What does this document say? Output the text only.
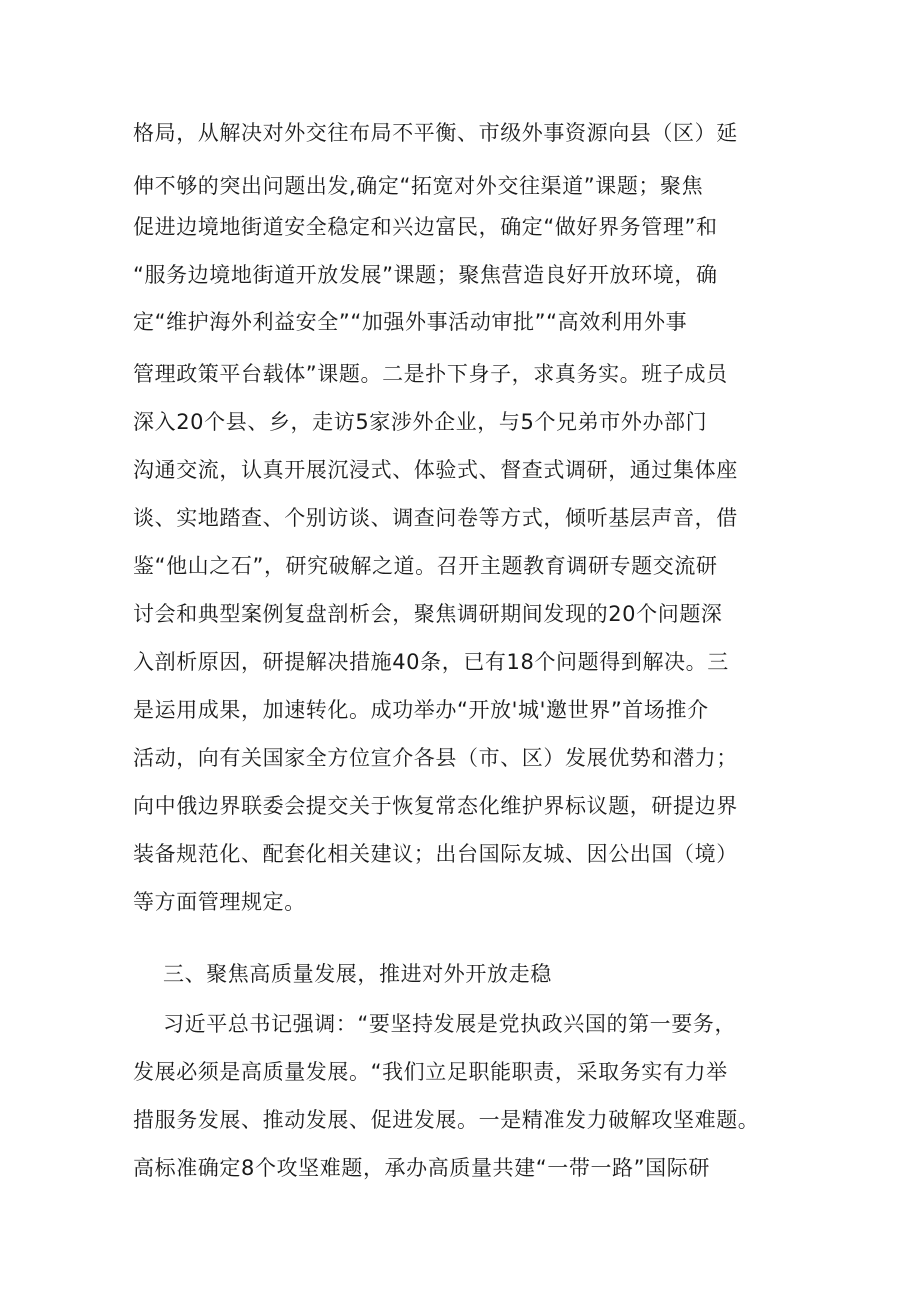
格局，从解决对外交往布局不平衡、市级外事资源向县（区）延
伸不够的突出问题出发,确定“拓宽对外交往渠道”课题；聚焦
促进边境地街道安全稳定和兴边富民，确定“做好界务管理”和
“服务边境地街道开放发展”课题；聚焦营造良好开放环境，确
定“维护海外利益安全”“加强外事活动审批”“高效利用外事
管理政策平台载体”课题。二是扑下身子，求真务实。班子成员
深入20个县、乡，走访5家涉外企业，与5个兄弟市外办部门
沟通交流，认真开展沉浸式、体验式、督查式调研，通过集体座
谈、实地踏查、个别访谈、调查问卷等方式，倾听基层声音，借
鉴“他山之石”，研究破解之道。召开主题教育调研专题交流研
讨会和典型案例复盘剖析会，聚焦调研期间发现的20个问题深
入剖析原因，研提解决措施40条，已有18个问题得到解决。三
是运用成果，加速转化。成功举办“开放'城'邀世界”首场推介
活动，向有关国家全方位宣介各县（市、区）发展优势和潜力；
向中俄边界联委会提交关于恢复常态化维护界标议题，研提边界
装备规范化、配套化相关建议；出台国际友城、因公出国（境）
等方面管理规定。
三、聚焦高质量发展，推进对外开放走稳
习近平总书记强调：“要坚持发展是党执政兴国的第一要务，
发展必须是高质量发展。“我们立足职能职责，采取务实有力举
措服务发展、推动发展、促进发展。一是精准发力破解攻坚难题。
高标准确定8个攻坚难题，承办高质量共建“一带一路”国际研
